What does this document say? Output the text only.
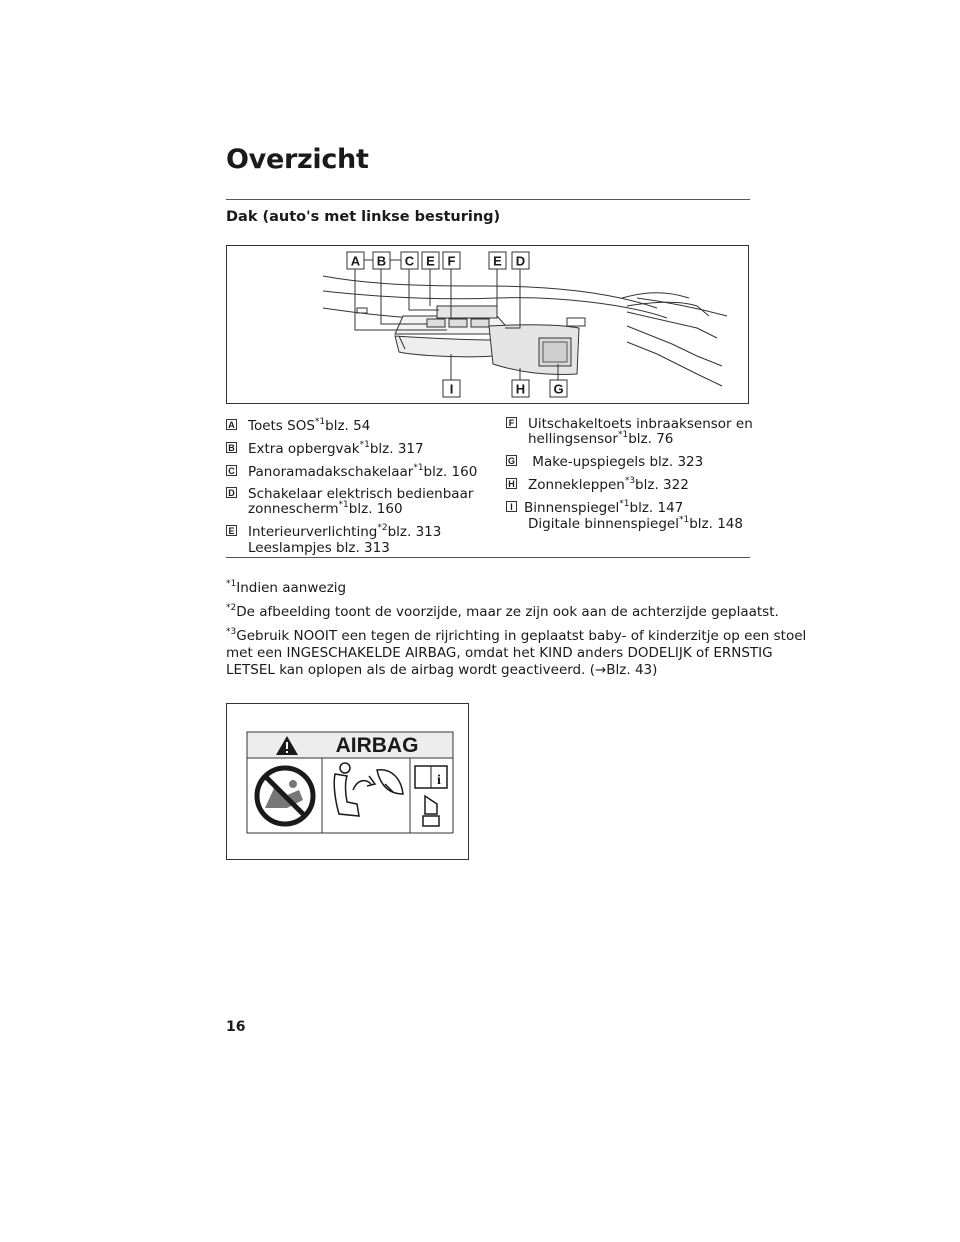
Overzicht
Dak (auto's met linkse besturing)
A B C E F	E D
I	H G
A Toets SOS$^{*1}$blz. 54
B Extra opbergvak$^{*1}$blz. 317
C Panoramadakschakelaar$^{*1}$blz. 160
D Schakelaar elektrisch bedienbaar
zonnescherm$^{*1}$blz. 160
E Interieurverlichting$^{*2}$blz. 313
Leeslampjes blz. 313
F Uitschakeltoets inbraaksensor en
hellingsensor$^{*1}$blz. 76
G Make-upspiegels blz. 323
H Zonnekleppen$^{*3}$blz. 322
I Binnenspiegel$^{*1}$blz. 147
Digitale binnenspiegel$^{*1}$blz. 148
$^{*1}$Indien aanwezig
$^{*2}$De afbeelding toont de voorzijde, maar ze zijn ook aan de achterzijde geplaatst.
$^{*3}$Gebruik NOOIT een tegen de rijrichting in geplaatst baby- of kinderzitje op een stoel
met een INGESCHAKELDE AIRBAG, omdat het KIND anders DODELIJK of ERNSTIG
LETSEL kan oplopen als de airbag wordt geactiveerd. (→Blz. 43)
AIRBAG
i
16
